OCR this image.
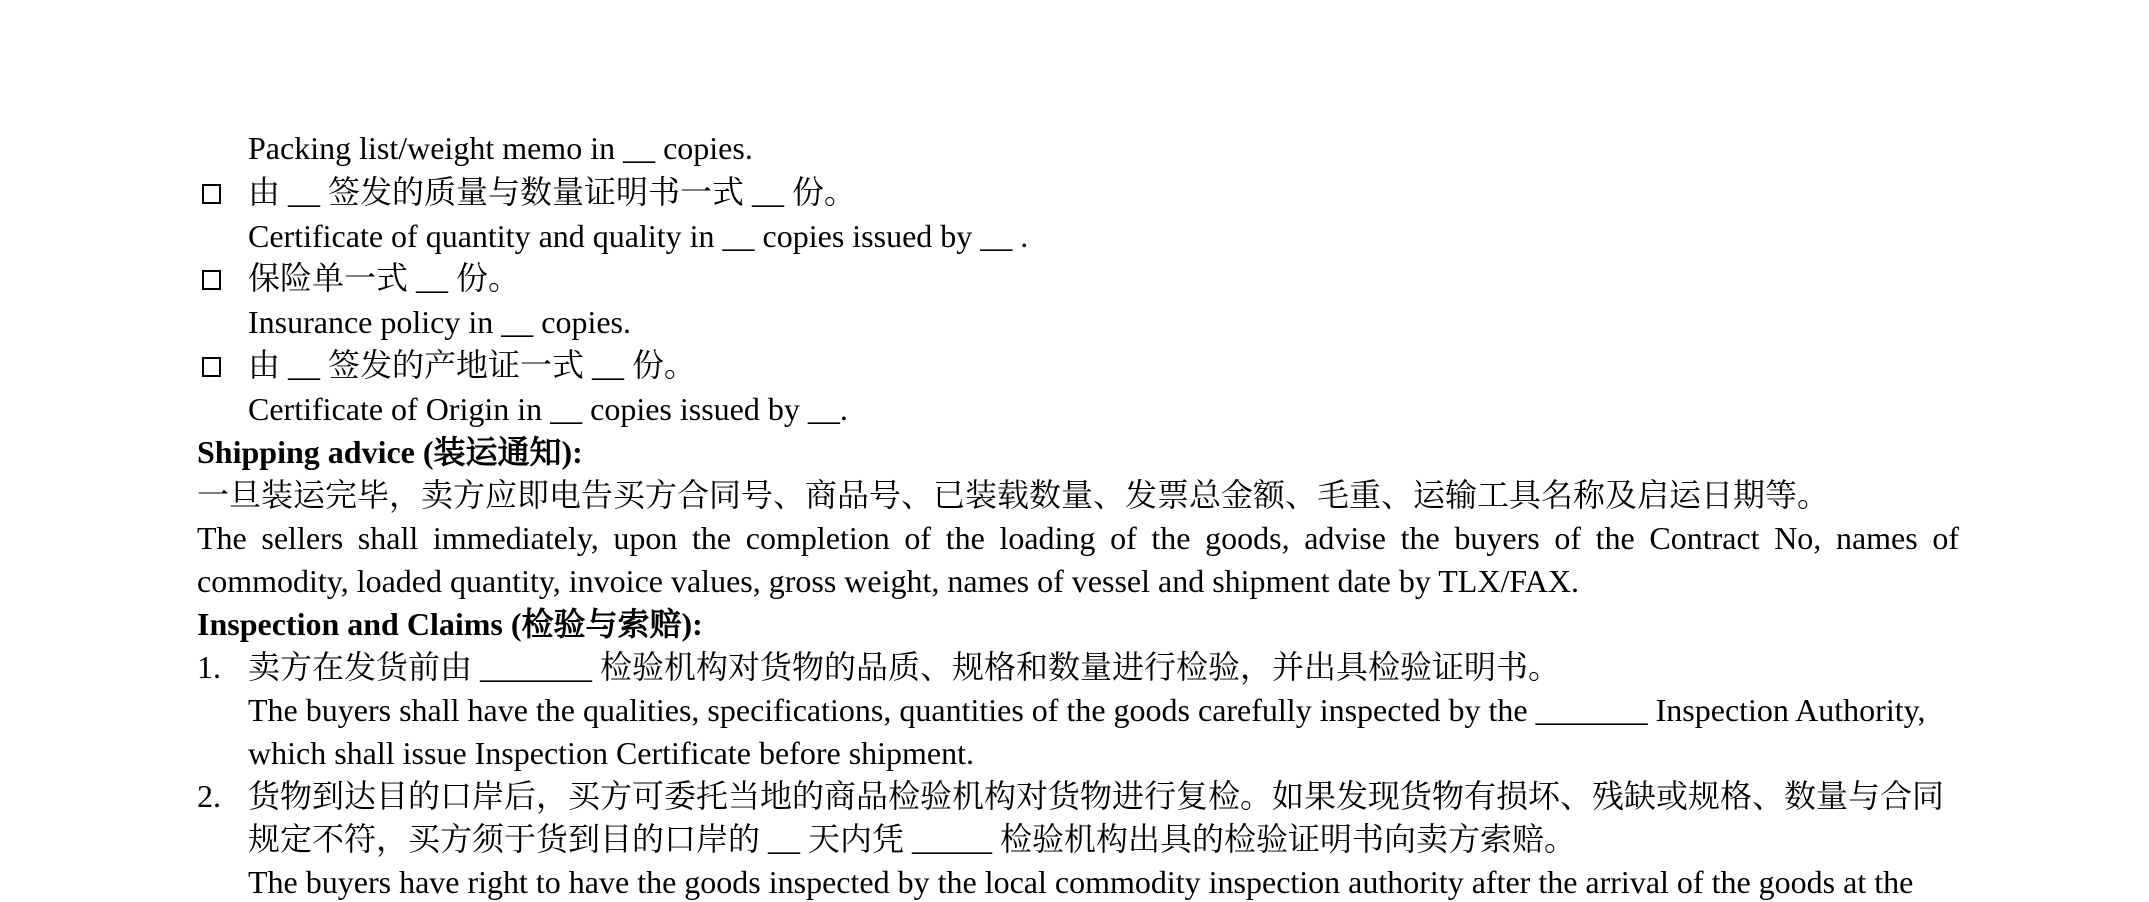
Packing list/weight memo in __ copies.
由 __ 签发的质量与数量证明书一式 __ 份。
Certificate of quantity and quality in __ copies issued by __ .
保险单一式 __ 份。
Insurance policy in __ copies.
由 __ 签发的产地证一式 __ 份。
Certificate of Origin in __ copies issued by __.
Shipping advice (装运通知):
一旦装运完毕，卖方应即电告买方合同号、商品号、已装载数量、发票总金额、毛重、运输工具名称及启运日期等。
The sellers shall immediately, upon the completion of the loading of the goods, advise the buyers of the Contract No, names of
commodity, loaded quantity, invoice values, gross weight, names of vessel and shipment date by TLX/FAX.
Inspection and Claims (检验与索赔):
1. 卖方在发货前由 _______ 检验机构对货物的品质、规格和数量进行检验，并出具检验证明书。
The buyers shall have the qualities, specifications, quantities of the goods carefully inspected by the _______ Inspection Authority,
which shall issue Inspection Certificate before shipment.
2. 货物到达目的口岸后，买方可委托当地的商品检验机构对货物进行复检。如果发现货物有损坏、残缺或规格、数量与合同
规定不符，买方须于货到目的口岸的 __ 天内凭 _____ 检验机构出具的检验证明书向卖方索赔。
The buyers have right to have the goods inspected by the local commodity inspection authority after the arrival of the goods at the
